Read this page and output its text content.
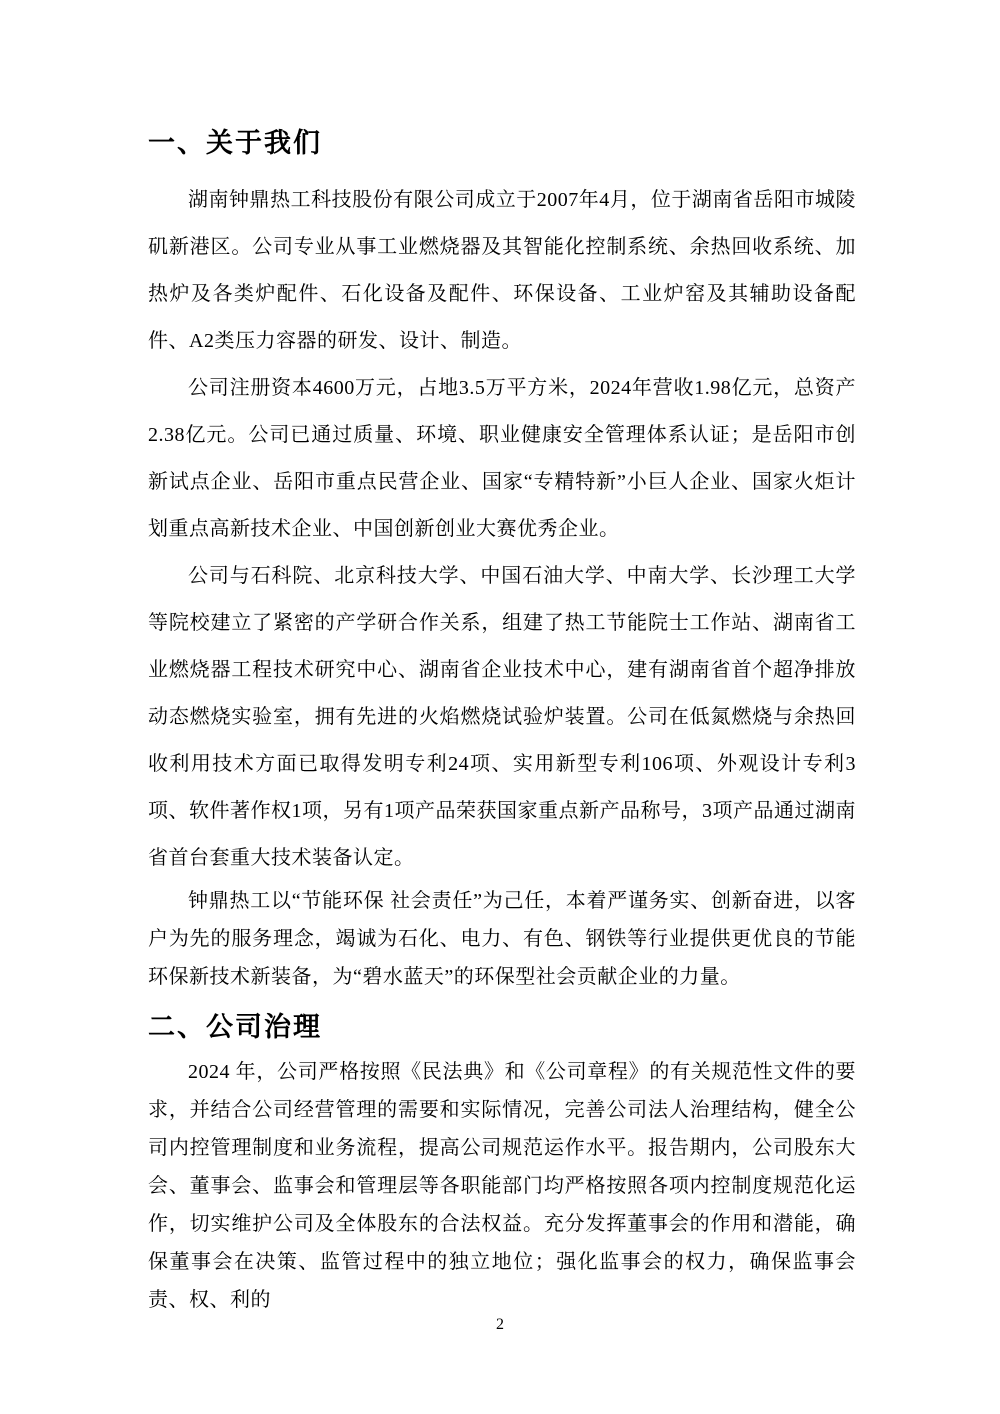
一、关于我们

湖南钟鼎热工科技股份有限公司成立于2007年4月，位于湖南省岳阳市城陵矶新港区。公司专业从事工业燃烧器及其智能化控制系统、余热回收系统、加热炉及各类炉配件、石化设备及配件、环保设备、工业炉窑及其辅助设备配件、A2类压力容器的研发、设计、制造。

公司注册资本4600万元，占地3.5万平方米，2024年营收1.98亿元，总资产2.38亿元。公司已通过质量、环境、职业健康安全管理体系认证；是岳阳市创新试点企业、岳阳市重点民营企业、国家“专精特新”小巨人企业、国家火炬计划重点高新技术企业、中国创新创业大赛优秀企业。

公司与石科院、北京科技大学、中国石油大学、中南大学、长沙理工大学等院校建立了紧密的产学研合作关系，组建了热工节能院士工作站、湖南省工业燃烧器工程技术研究中心、湖南省企业技术中心，建有湖南省首个超净排放动态燃烧实验室，拥有先进的火焰燃烧试验炉装置。公司在低氮燃烧与余热回收利用技术方面已取得发明专利24项、实用新型专利106项、外观设计专利3项、软件著作权1项，另有1项产品荣获国家重点新产品称号，3项产品通过湖南省首台套重大技术装备认定。

钟鼎热工以“节能环保 社会责任”为己任，本着严谨务实、创新奋进，以客户为先的服务理念，竭诚为石化、电力、有色、钢铁等行业提供更优良的节能环保新技术新装备，为“碧水蓝天”的环保型社会贡献企业的力量。

二、公司治理

2024 年，公司严格按照《民法典》和《公司章程》的有关规范性文件的要求，并结合公司经营管理的需要和实际情况，完善公司法人治理结构，健全公司内控管理制度和业务流程，提高公司规范运作水平。报告期内，公司股东大会、董事会、监事会和管理层等各职能部门均严格按照各项内控制度规范化运作，切实维护公司及全体股东的合法权益。充分发挥董事会的作用和潜能，确保董事会在决策、监管过程中的独立地位；强化监事会的权力，确保监事会责、权、利的

2
